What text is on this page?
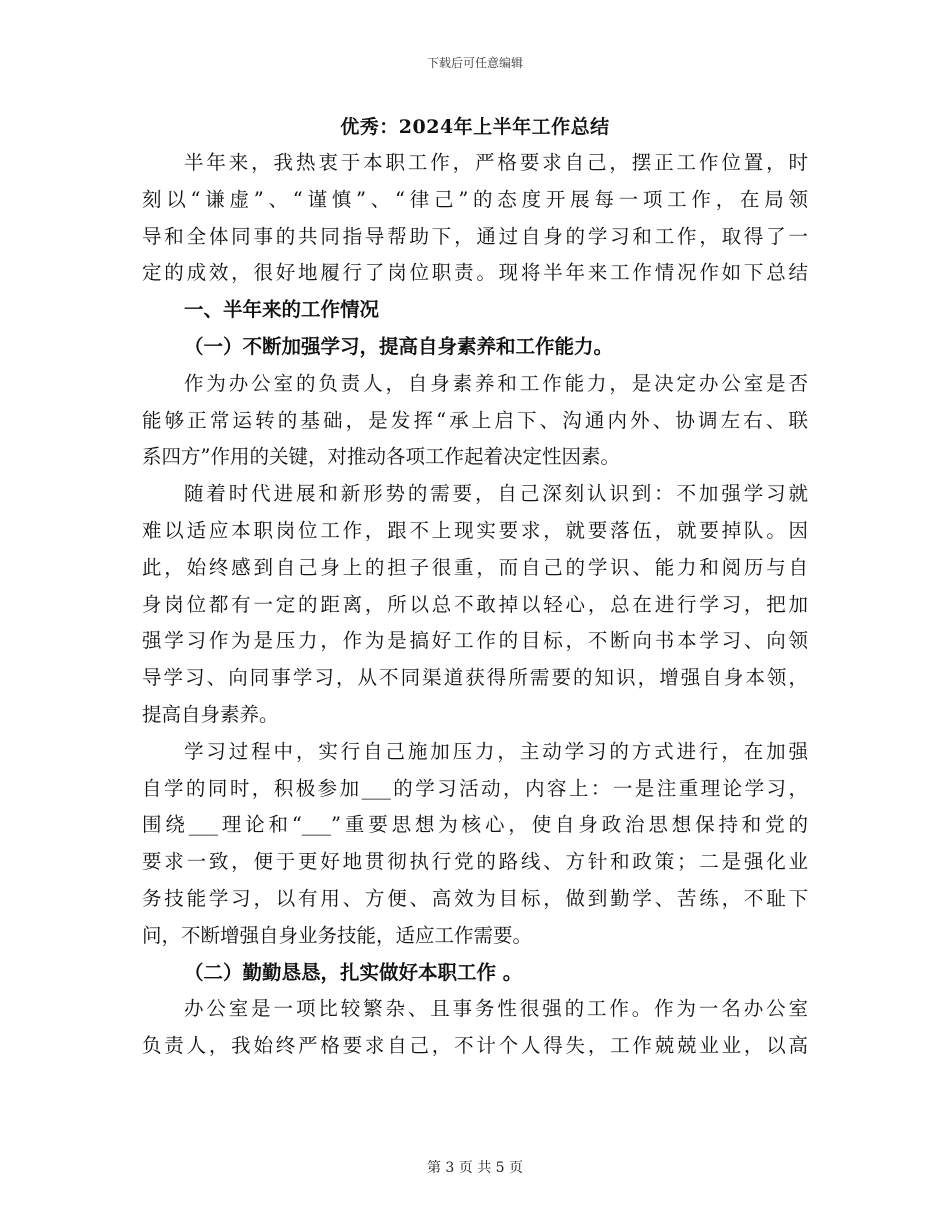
下载后可任意编辑
优秀：2024年上半年工作总结
半年来，我热衷于本职工作，严格要求自己，摆正工作位置，时
刻以“谦虚”、“谨慎”、“律己”的态度开展每一项工作，在局领
导和全体同事的共同指导帮助下，通过自身的学习和工作，取得了一
定的成效，很好地履行了岗位职责。现将半年来工作情况作如下总结
一、半年来的工作情况
（一）不断加强学习，提高自身素养和工作能力。
作为办公室的负责人，自身素养和工作能力，是决定办公室是否
能够正常运转的基础，是发挥“承上启下、沟通内外、协调左右、联
系四方”作用的关键，对推动各项工作起着决定性因素。
随着时代进展和新形势的需要，自己深刻认识到：不加强学习就
难以适应本职岗位工作，跟不上现实要求，就要落伍，就要掉队。因
此，始终感到自己身上的担子很重，而自己的学识、能力和阅历与自
身岗位都有一定的距离，所以总不敢掉以轻心，总在进行学习，把加
强学习作为是压力，作为是搞好工作的目标，不断向书本学习、向领
导学习、向同事学习，从不同渠道获得所需要的知识，增强自身本领，
提高自身素养。
学习过程中，实行自己施加压力，主动学习的方式进行，在加强
自学的同时，积极参加___的学习活动，内容上：一是注重理论学习，
围绕___理论和“___”重要思想为核心，使自身政治思想保持和党的
要求一致，便于更好地贯彻执行党的路线、方针和政策；二是强化业
务技能学习，以有用、方便、高效为目标，做到勤学、苦练，不耻下
问，不断增强自身业务技能，适应工作需要。
（二）勤勤恳恳，扎实做好本职工作 。
办公室是一项比较繁杂、且事务性很强的工作。作为一名办公室
负责人，我始终严格要求自己，不计个人得失，工作兢兢业业，以高
第 3 页 共 5 页
